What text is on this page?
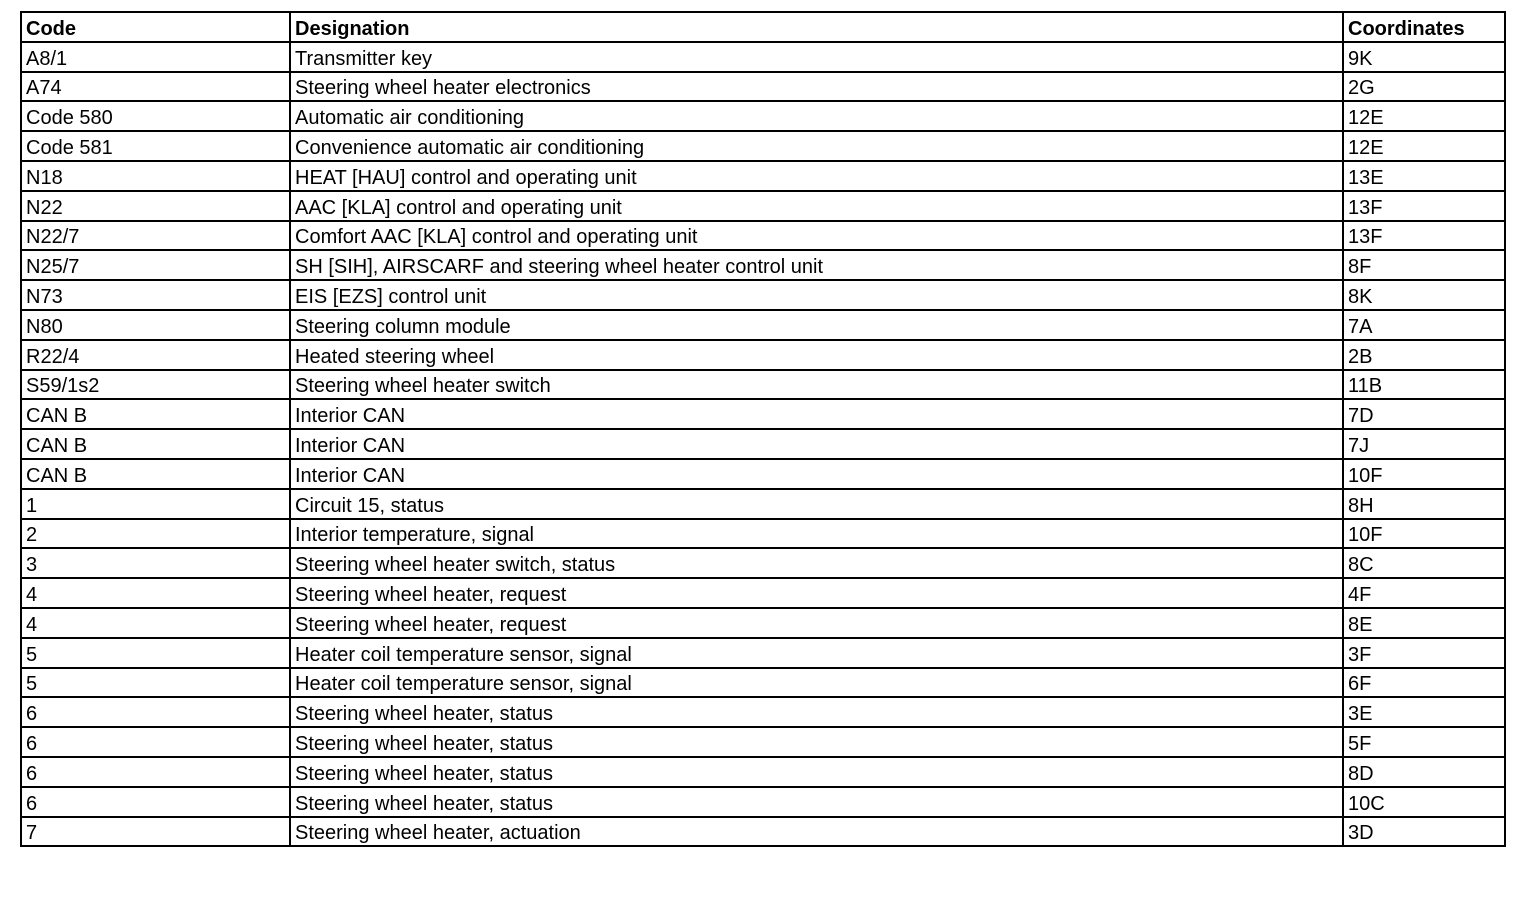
Code	Designation	Coordinates
A8/1	Transmitter key	9K
A74	Steering wheel heater electronics	2G
Code 580	Automatic air conditioning	12E
Code 581	Convenience automatic air conditioning	12E
N18	HEAT [HAU] control and operating unit	13E
N22	AAC [KLA] control and operating unit	13F
N22/7	Comfort AAC [KLA] control and operating unit	13F
N25/7	SH [SIH], AIRSCARF and steering wheel heater control unit	8F
N73	EIS [EZS] control unit	8K
N80	Steering column module	7A
R22/4	Heated steering wheel	2B
S59/1s2	Steering wheel heater switch	11B
CAN B	Interior CAN	7D
CAN B	Interior CAN	7J
CAN B	Interior CAN	10F
1	Circuit 15, status	8H
2	Interior temperature, signal	10F
3	Steering wheel heater switch, status	8C
4	Steering wheel heater, request	4F
4	Steering wheel heater, request	8E
5	Heater coil temperature sensor, signal	3F
5	Heater coil temperature sensor, signal	6F
6	Steering wheel heater, status	3E
6	Steering wheel heater, status	5F
6	Steering wheel heater, status	8D
6	Steering wheel heater, status	10C
7	Steering wheel heater, actuation	3D
